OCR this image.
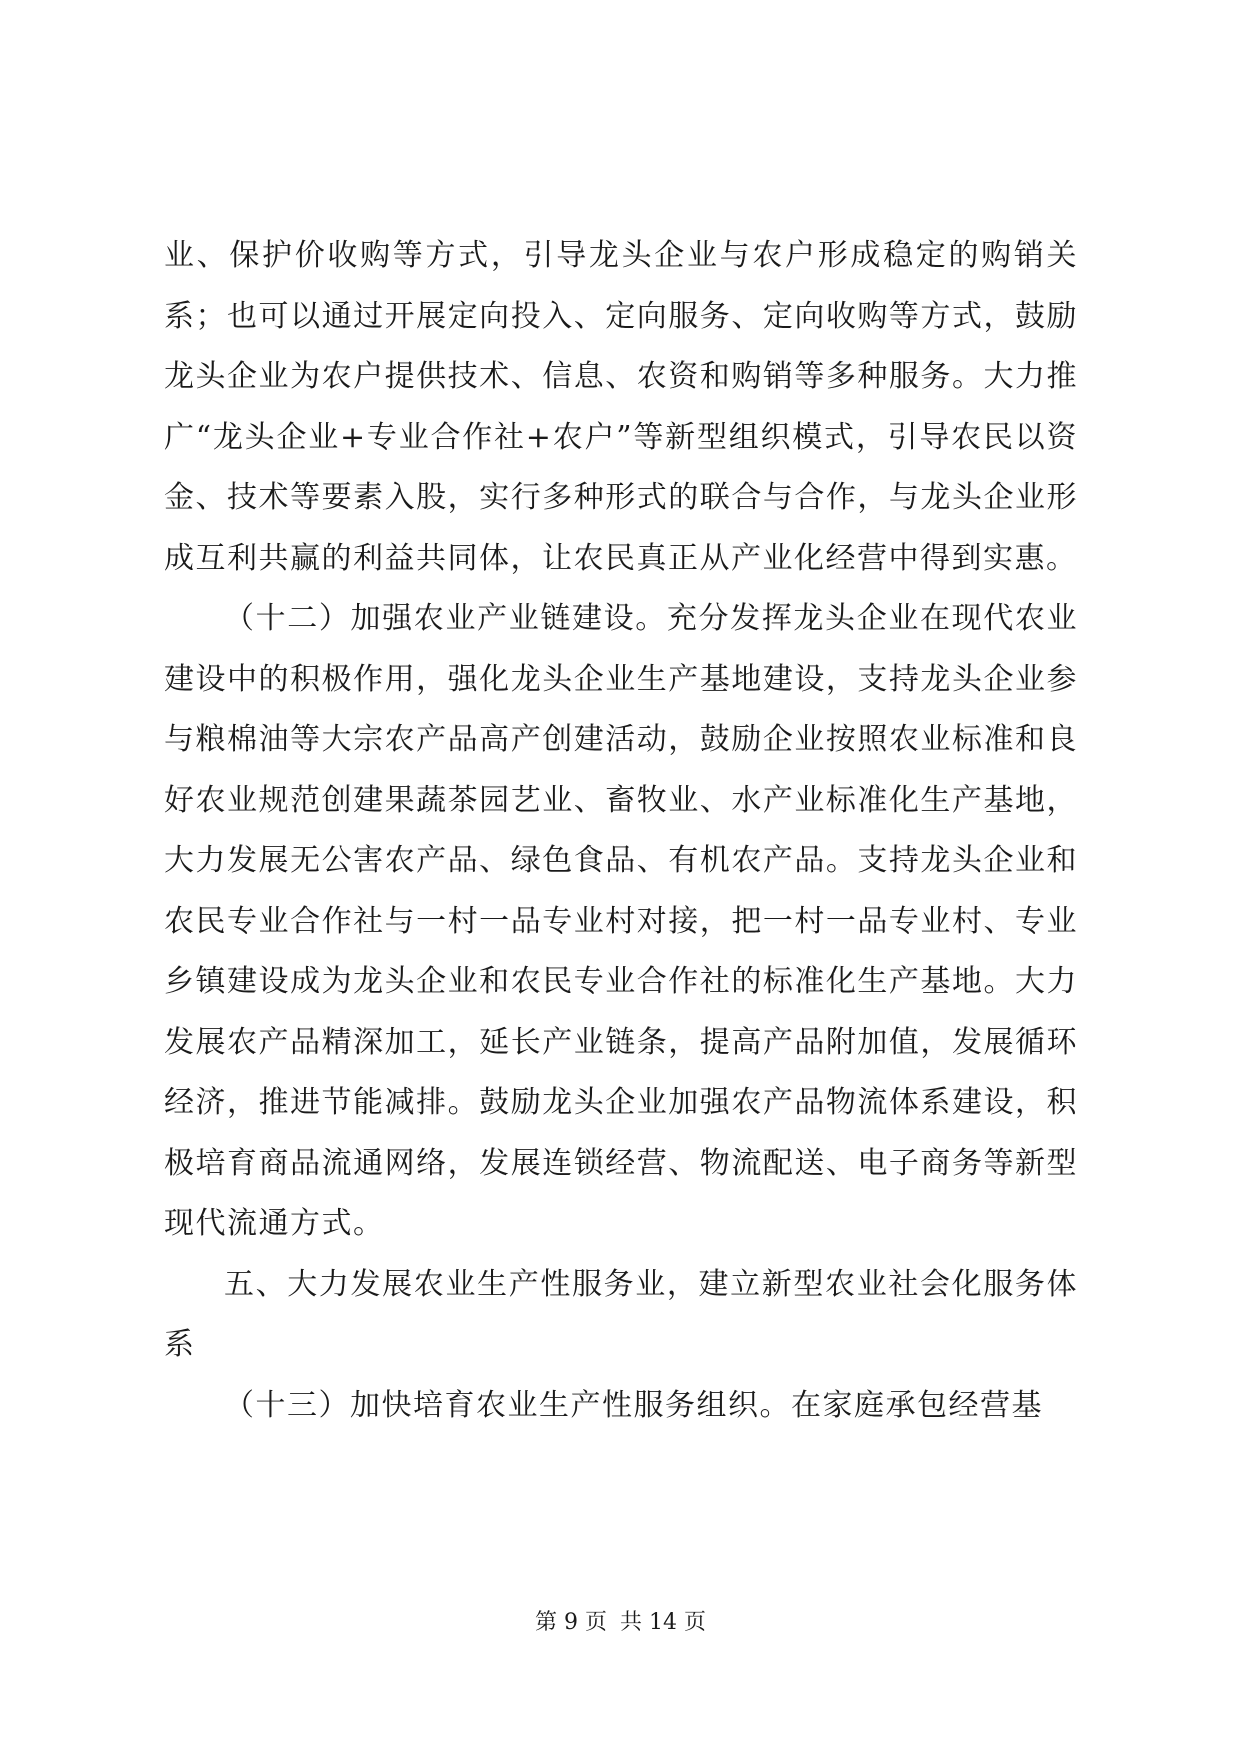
业、保护价收购等方式，引导龙头企业与农户形成稳定的购销关系；也可以通过开展定向投入、定向服务、定向收购等方式，鼓励龙头企业为农户提供技术、信息、农资和购销等多种服务。大力推广“龙头企业+专业合作社+农户”等新型组织模式，引导农民以资金、技术等要素入股，实行多种形式的联合与合作，与龙头企业形成互利共赢的利益共同体，让农民真正从产业化经营中得到实惠。

（十二）加强农业产业链建设。充分发挥龙头企业在现代农业建设中的积极作用，强化龙头企业生产基地建设，支持龙头企业参与粮棉油等大宗农产品高产创建活动，鼓励企业按照农业标准和良好农业规范创建果蔬茶园艺业、畜牧业、水产业标准化生产基地，大力发展无公害农产品、绿色食品、有机农产品。支持龙头企业和农民专业合作社与一村一品专业村对接，把一村一品专业村、专业乡镇建设成为龙头企业和农民专业合作社的标准化生产基地。大力发展农产品精深加工，延长产业链条，提高产品附加值，发展循环经济，推进节能减排。鼓励龙头企业加强农产品物流体系建设，积极培育商品流通网络，发展连锁经营、物流配送、电子商务等新型现代流通方式。

五、大力发展农业生产性服务业，建立新型农业社会化服务体系

（十三）加快培育农业生产性服务组织。在家庭承包经营基

第 9 页 共 14 页
